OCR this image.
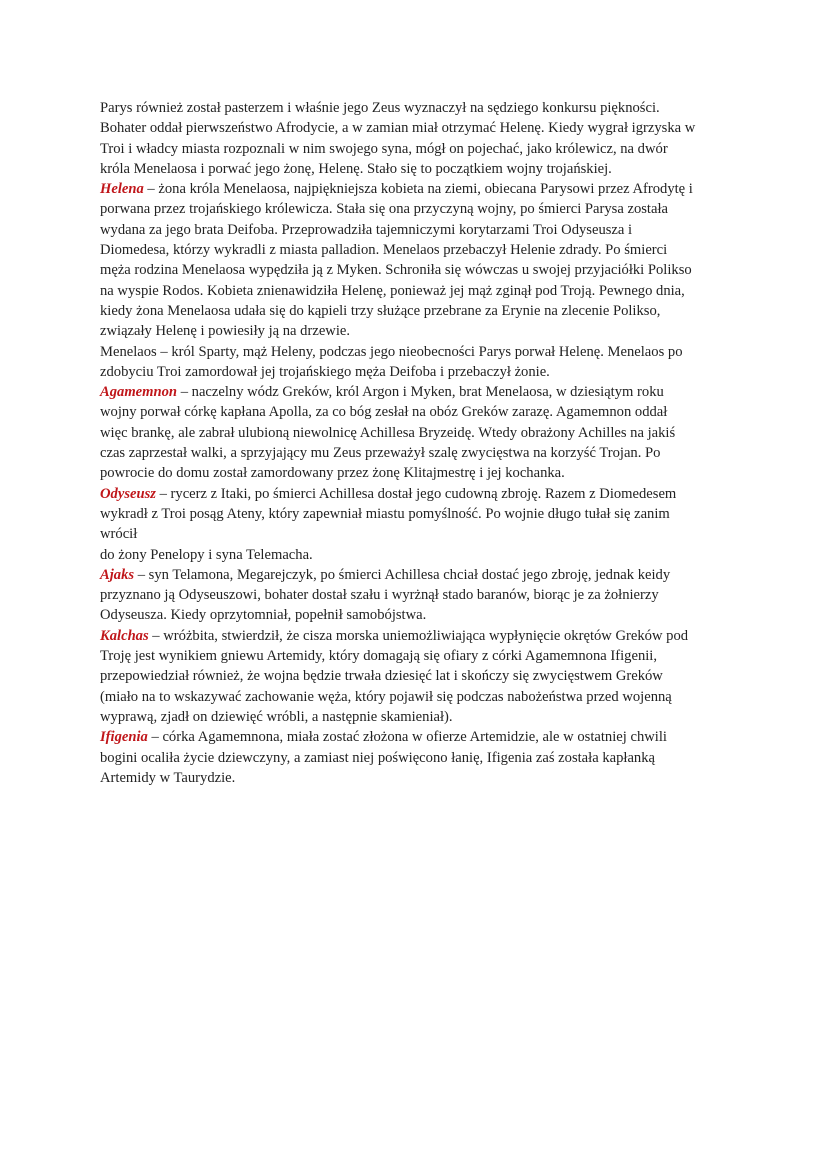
Parys również został pasterzem i właśnie jego Zeus wyznaczył na sędziego konkursu piękności.
Bohater oddał pierwszeństwo Afrodycie, a w zamian miał otrzymać Helenę. Kiedy wygrał igrzyska w
Troi i władcy miasta rozpoznali w nim swojego syna, mógł on pojechać, jako królewicz, na dwór
króla Menelaosa i porwać jego żonę, Helenę. Stało się to początkiem wojny trojańskiej.
Helena – żona króla Menelaosa, najpiękniejsza kobieta na ziemi, obiecana Parysowi przez Afrodytę i
porwana przez trojańskiego królewicza. Stała się ona przyczyną wojny, po śmierci Parysa została
wydana za jego brata Deifoba. Przeprowadziła tajemniczymi korytarzami Troi Odyseusza i
Diomedesa, którzy wykradli z miasta palladion. Menelaos przebaczył Helenie zdrady. Po śmierci
męża rodzina Menelaosa wypędziła ją z Myken. Schroniła się wówczas u swojej przyjaciółki Polikso
na wyspie Rodos. Kobieta znienawidziła Helenę, ponieważ jej mąż zginął pod Troją. Pewnego dnia,
kiedy żona Menelaosa udała się do kąpieli trzy służące przebrane za Erynie na zlecenie Polikso,
związały Helenę i powiesiły ją na drzewie.
Menelaos – król Sparty, mąż Heleny, podczas jego nieobecności Parys porwał Helenę. Menelaos po
zdobyciu Troi zamordował jej trojańskiego męża Deifoba i przebaczył żonie.
Agamemnon – naczelny wódz Greków, król Argon i Myken, brat Menelaosa, w dziesiątym roku
wojny porwał córkę kapłana Apolla, za co bóg zesłał na obóz Greków zarazę. Agamemnon oddał
więc brankę, ale zabrał ulubioną niewolnicę Achillesa Bryzeidę. Wtedy obrażony Achilles na jakiś
czas zaprzestał walki, a sprzyjający mu Zeus przeważył szalę zwycięstwa na korzyść Trojan. Po
powrocie do domu został zamordowany przez żonę Klitajmestrę i jej kochanka.
Odyseusz – rycerz z Itaki, po śmierci Achillesa dostał jego cudowną zbroję. Razem z Diomedesem
wykradł z Troi posąg Ateny, który zapewniał miastu pomyślność. Po wojnie długo tułał się zanim
wrócił
do żony Penelopy i syna Telemacha.
Ajaks – syn Telamona, Megarejczyk, po śmierci Achillesa chciał dostać jego zbroję, jednak keidy
przyznano ją Odyseuszowi, bohater dostał szału i wyrżnął stado baranów, biorąc je za żołnierzy
Odyseusza. Kiedy oprzytomniał, popełnił samobójstwa.
Kalchas – wróżbita, stwierdził, że cisza morska uniemożliwiająca wypłynięcie okrętów Greków pod
Troję jest wynikiem gniewu Artemidy, który domagają się ofiary z córki Agamemnona Ifigenii,
przepowiedział również, że wojna będzie trwała dziesięć lat i skończy się zwycięstwem Greków
(miało na to wskazywać zachowanie węża, który pojawił się podczas nabożeństwa przed wojenną
wyprawą, zjadł on dziewięć wróbli, a następnie skamieniał).
Ifigenia – córka Agamemnona, miała zostać złożona w ofierze Artemidzie, ale w ostatniej chwili
bogini ocaliła życie dziewczyny, a zamiast niej poświęcono łanię, Ifigenia zaś została kapłanką
Artemidy w Taurydzie.
